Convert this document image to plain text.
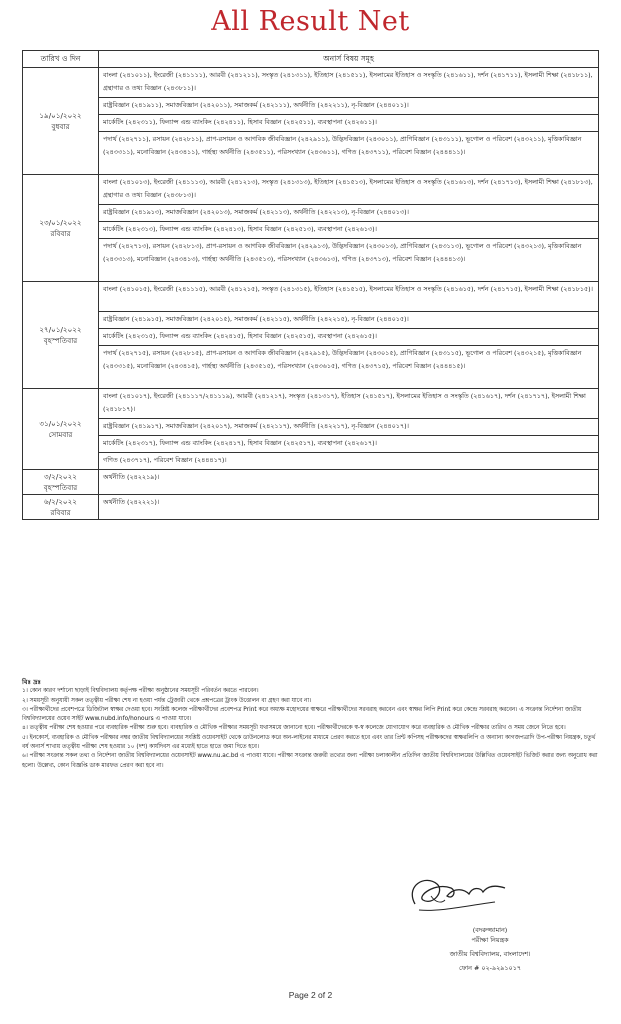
All Result Net
তারিখ ও দিন	অনার্স বিষয় সমূহ

১৯/০১/২০২২
বুধবার	বাংলা (২৪১০১১), ইংরেজী (২৪১১১১), আরবী (২৪১২১১), সংস্কৃত (২৪১৩১১), ইতিহাস (২৪১৫১১), ইসলামের ইতিহাস ও সংস্কৃতি (২৪১৬১১), দর্শন (২৪১৭১১), ইসলামী শিক্ষা (২৪১৮১১), গ্রন্থাগার ও তথ্য বিজ্ঞান (২৪৩৮১১)।
	রাষ্ট্রবিজ্ঞান (২৪১৯১১), সমাজবিজ্ঞান (২৪২০১১), সমাজকর্ম (২৪২১১১), অর্থনীতি (২৪২২১১), নৃ-বিজ্ঞান (২৪৪০১১)।
	মার্কেটিং (২৪২৩১১), ফিন্যান্স এন্ড ব্যাংকিং (২৪২৪১১), হিসাব বিজ্ঞান (২৪২৫১১), ব্যবস্থাপনা (২৪২৬১১)।
	পদার্থ (২৪২৭১১), রসায়ন (২৪২৮১১), প্রাণ-রসায়ন ও আণবিক জীববিজ্ঞান (২৪২৯১১), উদ্ভিদবিজ্ঞান (২৪৩০১১), প্রাণিবিজ্ঞান (২৪৩১১১), ভূগোল ও পরিবেশ (২৪৩২১১), মৃত্তিকাবিজ্ঞান (২৪৩৩১১), মনোবিজ্ঞান (২৪৩৪১১), গার্হস্থ্য অর্থনীতি (২৪৩৫১১), পরিসংখ্যান (২৪৩৬১১), গণিত (২৪৩৭১১), পরিবেশ বিজ্ঞান (২৪৪৪১১)।

২৩/০১/২০২২
রবিবার	বাংলা (২৪১০১৩), ইংরেজী (২৪১১১৩), আরবী (২৪১২১৩), সংস্কৃত (২৪১৩১৩), ইতিহাস (২৪১৫১৩), ইসলামের ইতিহাস ও সংস্কৃতি (২৪১৬১৩), দর্শন (২৪১৭১৩), ইসলামী শিক্ষা (২৪১৮১৩), গ্রন্থাগার ও তথ্য বিজ্ঞান (২৪৩৮১৩)।
	রাষ্ট্রবিজ্ঞান (২৪১৯১৩), সমাজবিজ্ঞান (২৪২০১৩), সমাজকর্ম (২৪২১১৩), অর্থনীতি (২৪২২১৩), নৃ-বিজ্ঞান (২৪৪০১৩)।
	মার্কেটিং (২৪২৩১৩), ফিন্যান্স এন্ড ব্যাংকিং (২৪২৪১৩), হিসাব বিজ্ঞান (২৪২৫১৩), ব্যবস্থাপনা (২৪২৬১৩)।
	পদার্থ (২৪২৭১৩), রসায়ন (২৪২৮১৩), প্রাণ-রসায়ন ও আণবিক জীববিজ্ঞান (২৪২৯১৩), উদ্ভিদবিজ্ঞান (২৪৩০১৩), প্রাণিবিজ্ঞান (২৪৩১১৩), ভূগোল ও পরিবেশ (২৪৩২১৩), মৃত্তিকাবিজ্ঞান (২৪৩৩১৩), মনোবিজ্ঞান (২৪৩৪১৩), গার্হস্থ্য অর্থনীতি (২৪৩৫১৩), পরিসংখ্যান (২৪৩৬১৩), গণিত (২৪৩৭১৩), পরিবেশ বিজ্ঞান (২৪৪৪১৩)।

২৭/০১/২০২২
বৃহস্পতিবার	বাংলা (২৪১০১৫), ইংরেজী (২৪১১১৫), আরবী (২৪১২১৫), সংস্কৃত (২৪১৩১৫), ইতিহাস (২৪১৫১৫), ইসলামের ইতিহাস ও সংস্কৃতি (২৪১৬১৫), দর্শন (২৪১৭১৫), ইসলামী শিক্ষা (২৪১৮১৫)।
	রাষ্ট্রবিজ্ঞান (২৪১৯১৫), সমাজবিজ্ঞান (২৪২০১৫), সমাজকর্ম (২৪২১১৫), অর্থনীতি (২৪২২১৫), নৃ-বিজ্ঞান (২৪৪০১৫)।
	মার্কেটিং (২৪২৩১৫), ফিন্যান্স এন্ড ব্যাংকিং (২৪২৪১৫), হিসাব বিজ্ঞান (২৪২৫১৫), ব্যবস্থাপনা (২৪২৬১৫)।
	পদার্থ (২৪২৭১৫), রসায়ন (২৪২৮১৫), প্রাণ-রসায়ন ও আণবিক জীববিজ্ঞান (২৪২৯১৫), উদ্ভিদবিজ্ঞান (২৪৩০১৫), প্রাণিবিজ্ঞান (২৪৩১১৫), ভূগোল ও পরিবেশ (২৪৩২১৫), মৃত্তিকাবিজ্ঞান (২৪৩৩১৫), মনোবিজ্ঞান (২৪৩৪১৫), গার্হস্থ্য অর্থনীতি (২৪৩৫১৫), পরিসংখ্যান (২৪৩৬১৫), গণিত (২৪৩৭১৫), পরিবেশ বিজ্ঞান (২৪৪৪১৫)।

৩১/০১/২০২২
সোমবার	বাংলা (২৪১০১৭), ইংরেজী (২৪১১১৭/২৪১১১৯), আরবী (২৪১২১৭), সংস্কৃত (২৪১৩১৭), ইতিহাস (২৪১৫১৭), ইসলামের ইতিহাস ও সংস্কৃতি (২৪১৬১৭), দর্শন (২৪১৭১৭), ইসলামী শিক্ষা (২৪১৮১৭)।
	রাষ্ট্রবিজ্ঞান (২৪১৯১৭), সমাজবিজ্ঞান (২৪২০১৭), সমাজকর্ম (২৪২১১৭), অর্থনীতি (২৪২২১৭), নৃ-বিজ্ঞান (২৪৪০১৭)।
	মার্কেটিং (২৪২৩১৭), ফিন্যান্স এন্ড ব্যাংকিং (২৪২৪১৭), হিসাব বিজ্ঞান (২৪২৫১৭), ব্যবস্থাপনা (২৪২৬১৭)।
	গণিত (২৪৩৭১৭), পরিবেশ বিজ্ঞান (২৪৪৪১৭)।

৩/২/২০২২
বৃহস্পতিবার	অর্থনীতি (২৪২২১৯)।

৬/২/২০২২
রবিবার	অর্থনীতি (২৪২২২১)।
বিঃ দ্রঃ
১। কোন কারণ দর্শানো ছাড়াই বিশ্ববিদ্যালয় কর্তৃপক্ষ পরীক্ষা অনুষ্ঠানের সময়সূচী পরিবর্তন করতে পারবেন।
২। সময়সূচী অনুযায়ী সকল তত্ত্বীয় পরীক্ষা শেষ না হওয়া পর্যন্ত ট্রেজারী থেকে প্রশ্নপত্রের ট্রাংক উত্তোলন বা গ্রহণ করা যাবে না।
৩। পরীক্ষার্থীদের প্রবেশপত্রে ডিজিটাল স্বাক্ষর দেওয়া হবে। সংশ্লিষ্ট কলেজ পরীক্ষার্থীদের প্রবেশপত্র Print করে অধ্যক্ষ মহোদয়ের স্বাক্ষরে পরীক্ষার্থীদের সরবরাহ করবেন এবং স্বাক্ষর লিপি Print করে কেন্দ্রে সরবরাহ করবেন। এ সংক্রান্ত নির্দেশনা জাতীয় বিশ্ববিদ্যালয়ের ওয়েব সাইট www.nubd.info/honours এ পাওয়া যাবে।
৪। তত্ত্বীয় পরীক্ষা শেষ হওয়ার পরে ব্যবহারিক পরীক্ষা শুরু হবে। ব্যবহারিক ও মৌখিক পরীক্ষার সময়সূচী যথাসময়ে জানানো হবে। পরীক্ষার্থীদেরকে স্ব-স্ব কলেজে যোগাযোগ করে ব্যবহারিক ও মৌখিক পরীক্ষার তারিখ ও সময় জেনে নিতে হবে।
৫। ইনকোর্স, ব্যবহারিক ও মৌখিক পরীক্ষার নম্বর জাতীয় বিশ্ববিদ্যালয়ের সংশ্লিষ্ট ওয়েবসাইট থেকে ডাউনলোড করে অন-লাইনের মাধ্যমে প্রেরণ করতে হবে এবং তার প্রিন্ট কপিসহ পরীক্ষকদের স্বাক্ষরলিপি ও অন্যান্য কাগজপত্রাদি উপ-পরীক্ষা নিয়ন্ত্রক, চতুর্থ বর্ষ অনার্স শাখায় তত্ত্বীয় পরীক্ষা শেষ হওয়ার ১০ (দশ) কার্যদিবস এর মধ্যেই হাতে হাতে জমা দিতে হবে।
৬। পরীক্ষা সংক্রান্ত সকল তথ্য ও নির্দেশনা জাতীয় বিশ্ববিদ্যালয়ের ওয়েবসাইট www.nu.ac.bd এ পাওয়া যাবে। পরীক্ষা সংক্রান্ত জরুরী তথ্যের জন্য পরীক্ষা চলাকালীন প্রতিদিন জাতীয় বিশ্ববিদ্যালয়ের উল্লিখিত ওয়েবসাইট ভিজিট করার জন্য অনুরোধ করা হলো। উল্লেখ্য, কোন বিজ্ঞপ্তি ডাক মারফত প্রেরণ করা হবে না।
(বদরুজ্জামান)
পরীক্ষা নিয়ন্ত্রক
জাতীয় বিশ্ববিদ্যালয়, বাংলাদেশ।
ফোন # ০২-৯২৯১০১৭
Page 2 of 2
